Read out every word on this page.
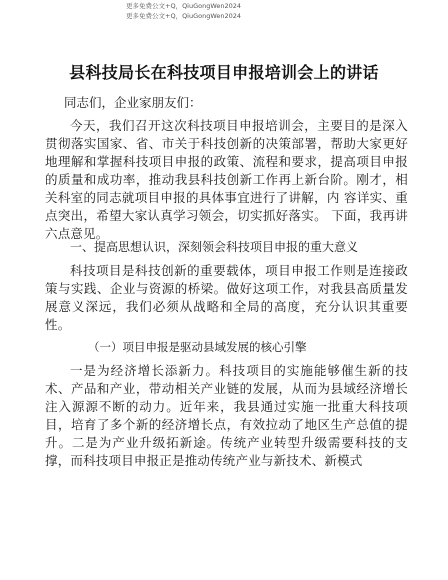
更多免费公文+Q，QiuGongWen2024
更多免费公文+Q，QiuGongWen2024
县科技局长在科技项目申报培训会上的讲话
同志们，企业家朋友们：
今天，我们召开这次科技项目申报培训会，主要目的是深入贯彻落实国家、省、市关于科技创新的决策部署，帮助大家更好地理解和掌握科技项目申报的政策、流程和要求，提高项目申报的质量和成功率，推动我县科技创新工作再上新台阶。刚才，相关科室的同志就项目申报的具体事宜进行了讲解，内 容详实、重点突出，希望大家认真学习领会，切实抓好落实。 下面，我再讲六点意见。
一、提高思想认识，深刻领会科技项目申报的重大意义
科技项目是科技创新的重要载体，项目申报工作则是连接政策与实践、企业与资源的桥梁。做好这项工作，对我县高质量发展意义深远，我们必须从战略和全局的高度，充分认识其重要性。
（一）项目申报是驱动县域发展的核心引擎
一是为经济增长添新力。科技项目的实施能够催生新的技术、产品和产业，带动相关产业链的发展，从而为县域经济增长注入源源不断的动力。近年来，我县通过实施一批重大科技项目，培育了多个新的经济增长点，有效拉动了地区生产总值的提升。二是为产业升级拓新途。传统产业转型升级需要科技的支撑，而科技项目申报正是推动传统产业与新技术、新模式
